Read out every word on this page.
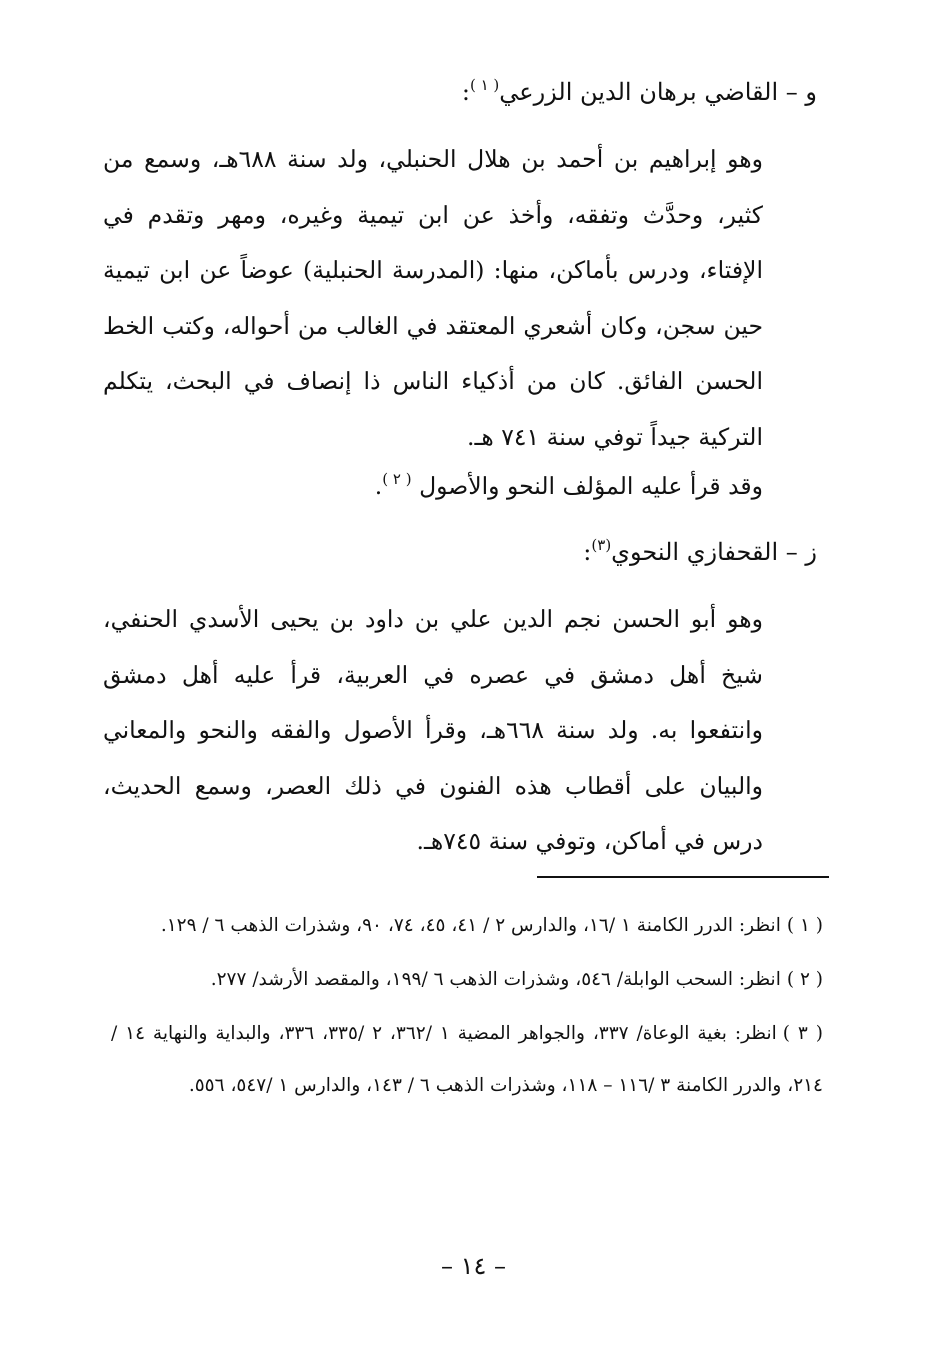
و – القاضي برهان الدين الزرعي$^{( ١ )}$:

وهو إبراهيم بن أحمد بن هلال الحنبلي، ولد سنة ٦٨٨هـ، وسمع من كثير، وحدَّث وتفقه، وأخذ عن ابن تيمية وغيره، ومهر وتقدم في الإفتاء، ودرس بأماكن، منها: (المدرسة الحنبلية) عوضاً عن ابن تيمية حين سجن، وكان أشعري المعتقد في الغالب من أحواله، وكتب الخط الحسن الفائق. كان من أذكياء الناس ذا إنصاف في البحث، يتكلم التركية جيداً توفي سنة ٧٤١ هـ.

وقد قرأ عليه المؤلف النحو والأصول $^{( ٢ )}$.
ز – القحفازي النحوي$^{(٣)}$:

وهو أبو الحسن نجم الدين علي بن داود بن يحيى الأسدي الحنفي، شيخ أهل دمشق في عصره في العربية، قرأ عليه أهل دمشق وانتفعوا به. ولد سنة ٦٦٨هـ، وقرأ الأصول والفقه والنحو والمعاني والبيان على أقطاب هذه الفنون في ذلك العصر، وسمع الحديث، درس في أماكن، وتوفي سنة ٧٤٥هـ.

( ١ )انظر: الدرر الكامنة ١ /١٦، والدارس ٢ / ٤١، ٤٥، ٧٤، ٩٠، وشذرات الذهب ٦ / ١٢٩.

( ٢ )انظر: السحب الوابلة/ ٥٤٦، وشذرات الذهب ٦ /١٩٩، والمقصد الأرشد/ ٢٧٧.

( ٣ )انظر: بغية الوعاة/ ٣٣٧، والجواهر المضية ١ /٣٦٢، ٢ /٣٣٥، ٣٣٦، والبداية والنهاية ١٤ / ٢١٤، والدرر الكامنة ٣ /١١٦ – ١١٨، وشذرات الذهب ٦ / ١٤٣، والدارس ١ /٥٤٧، ٥٥٦.

– ١٤ –
